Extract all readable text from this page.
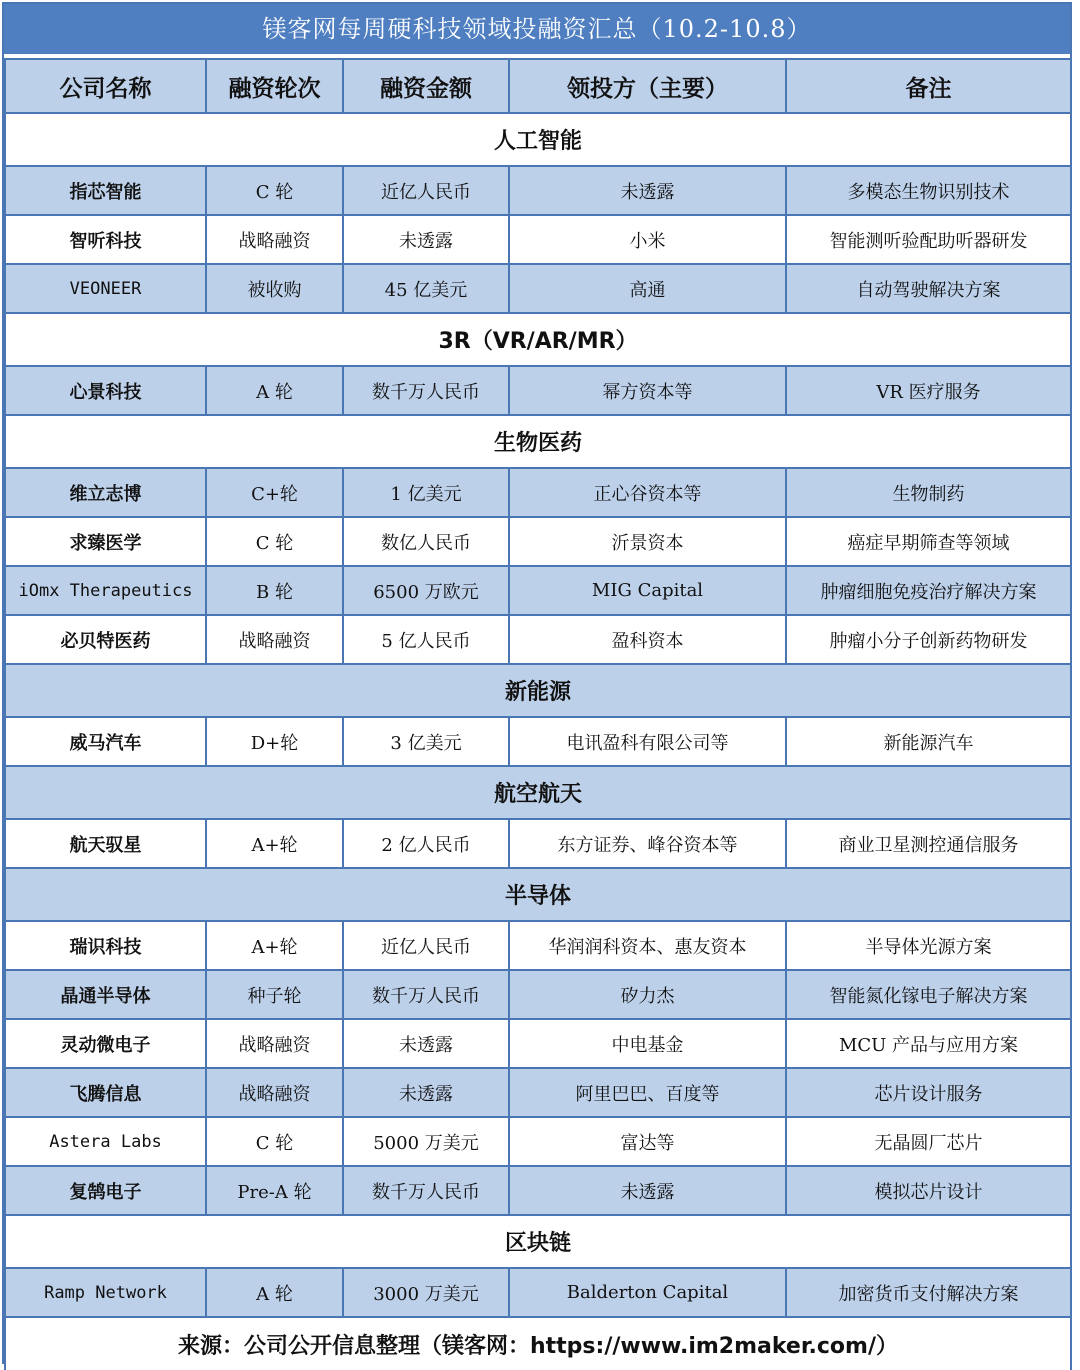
镁客网每周硬科技领域投融资汇总（10.2-10.8）
公司名称	融资轮次	融资金额	领投方（主要）	备注
人工智能				
指芯智能	C 轮	近亿人民币	未透露	多模态生物识别技术
智听科技	战略融资	未透露	小米	智能测听验配助听器研发
VEONEER	被收购	45 亿美元	高通	自动驾驶解决方案
3R（VR/AR/MR）				
心景科技	A 轮	数千万人民币	幂方资本等	VR 医疗服务
生物医药				
维立志博	C+轮	1 亿美元	正心谷资本等	生物制药
求臻医学	C 轮	数亿人民币	沂景资本	癌症早期筛查等领域
iOmx Therapeutics	B 轮	6500 万欧元	MIG Capital	肿瘤细胞免疫治疗解决方案
必贝特医药	战略融资	5 亿人民币	盈科资本	肿瘤小分子创新药物研发
新能源				
威马汽车	D+轮	3 亿美元	电讯盈科有限公司等	新能源汽车
航空航天				
航天驭星	A+轮	2 亿人民币	东方证券、峰谷资本等	商业卫星测控通信服务
半导体				
瑞识科技	A+轮	近亿人民币	华润润科资本、惠友资本	半导体光源方案
晶通半导体	种子轮	数千万人民币	矽力杰	智能氮化镓电子解决方案
灵动微电子	战略融资	未透露	中电基金	MCU 产品与应用方案
飞腾信息	战略融资	未透露	阿里巴巴、百度等	芯片设计服务
Astera Labs	C 轮	5000 万美元	富达等	无晶圆厂芯片
复鹄电子	Pre-A 轮	数千万人民币	未透露	模拟芯片设计
区块链				
Ramp Network	A 轮	3000 万美元	Balderton Capital	加密货币支付解决方案
来源：公司公开信息整理（镁客网：https://www.im2maker.com/）				
